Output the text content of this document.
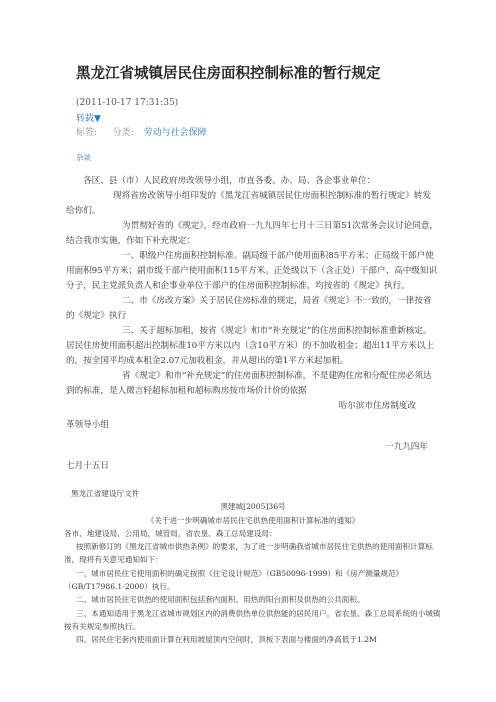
黑龙江省城镇居民住房面积控制标准的暂行规定
(2011-10-17 17:31:35)
转载▼
标签: 分类: 劳动与社会保障
杂谈

各区、县（市）人民政府房改领导小组，市直各委、办、局、各企事业单位：

现将省房改领导小组印发的《黑龙江省城镇居民住房面积控制标准的暂行规定》转发给你们。

为贯彻好省的《规定》，经市政府一九九四年七月十三日第51次常务会议讨论同意，结合我市实施，作如下补充规定：

一、职级户住房面积控制标准。副局级干部户使用面积85平方米；正局级干部户使用面积95平方米；副市级干部户使用面积115平方米。正处级以下（含正处）干部户、高中级知识分子，民主党派负责人和企事业单位干部户的住房面积控制标准，均按省的《规定》执行。

二、市《房改方案》关于居民住房标准的规定，局省《规定》不一致的，一律按省的《规定》执行

三、关于超标加租，按省《规定》和市“补充规定”的住房面积控制标准重新核定。居民住房使用面积超出控制标准10平方米以内（含10平方米）的不加收租金；超出11平方米以上的，按全国平均成本租金2.07元加收租金，并从超出的第1平方米起加租。

省《规定》和市“补充规定”的住房面积控制标准，不是建购住房和分配住房必须达到的标准，是人微言轻超标加租和超标购房按市场价计价的依据

哈尔滨市住房制度改
革领导小组
一九九四年
七月十五日

黑龙江省建设厅文件

黑建城[2005]36号

《关于进一步明确城市居民住宅供热使用面积计算标准的通知》

各市、地建设局、公用局，城管局，省农垦、森工总局建设局：

按照新修订的《黑龙江省城市供热条例》的要求，为了进一步明确我省城市居民住宅供热的使用面积计算标准，现将有关意见通知如下：

一、城市居民住宅使用面积的确定按照《住宅设计规范》（GB50096-1999）和《房产测量规范》（GB/T17986.1-2000）执行。

二、城市居民住宅供热的使用面积包括套内面积、用热的阳台面积及供热的公共面积。

三、本通知适用于黑龙江省城市规划区内的消费供热单位供热能的居民用户。省农垦、森工总局系统的小城镇按有关规定参照执行。

四、居民住宅套内使用面计算在利用坡屋顶内空间时，顶板下表面与楼面的净高低于1.2M
